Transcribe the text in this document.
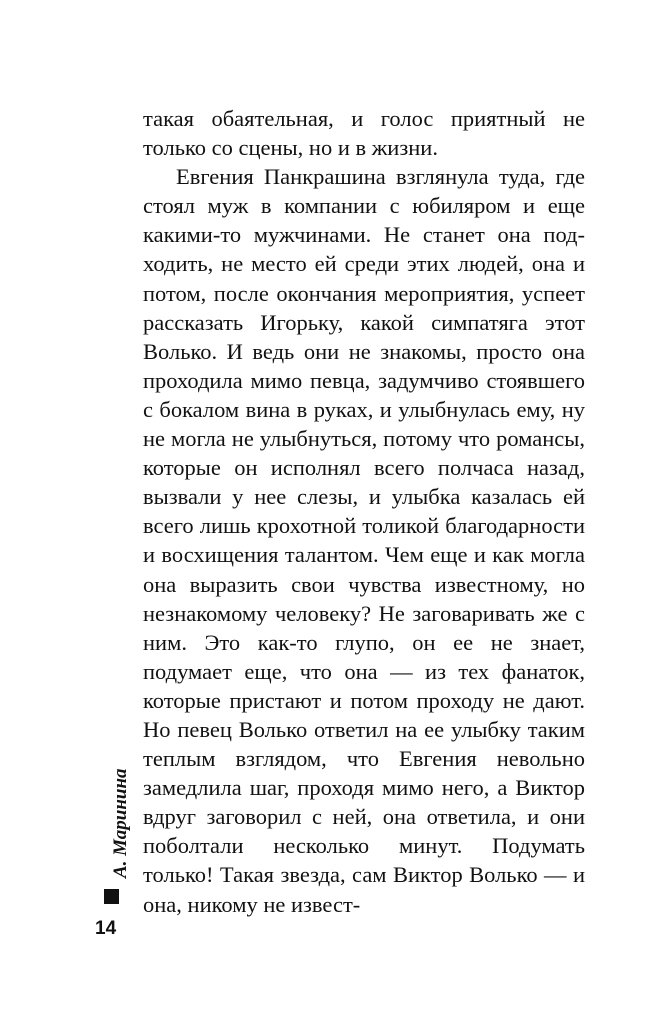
такая обаятельная, и голос приятный не только со сцены, но и в жизни.

Евгения Панкрашина взглянула туда, где стоял муж в компании с юбиляром и еще какими-то мужчинами. Не станет она подходить, не место ей среди этих людей, она и потом, после окончания мероприятия, успеет рассказать Игорьку, какой симпатяга этот Волько. И ведь они не знакомы, просто она проходила мимо певца, задумчиво стоявшего с бокалом вина в руках, и улыбнулась ему, ну не могла не улыбнуться, потому что романсы, которые он исполнял всего полчаса назад, вызвали у нее слезы, и улыбка казалась ей всего лишь крохотной толикой благодарности и восхищения талантом. Чем еще и как могла она выразить свои чувства известному, но незнакомому человеку? Не заговаривать же с ним. Это как-то глупо, он ее не знает, подумает еще, что она — из тех фанаток, которые пристают и потом проходу не дают. Но певец Волько ответил на ее улыбку таким теплым взглядом, что Евгения невольно замедлила шаг, проходя мимо него, а Виктор вдруг заговорил с ней, она ответила, и они поболтали несколько минут. Подумать только! Такая звезда, сам Виктор Волько — и она, никому не извест-

А. Маринина
14
